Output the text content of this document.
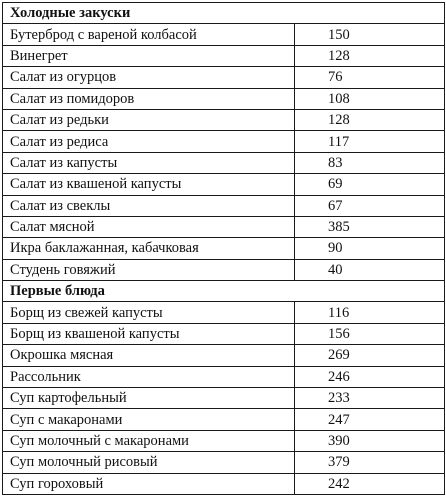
Холодные закуски	
Бутерброд с вареной колбасой	150
Винегрет	128
Салат из огурцов	76
Салат из помидоров	108
Салат из редьки	128
Салат из редиса	117
Салат из капусты	83
Салат из квашеной капусты	69
Салат из свеклы	67
Салат мясной	385
Икра баклажанная, кабачковая	90
Студень говяжий	40
Первые блюда	
Борщ из свежей капусты	116
Борщ из квашеной капусты	156
Окрошка мясная	269
Рассольник	246
Суп картофельный	233
Суп с макаронами	247
Суп молочный с макаронами	390
Суп молочный рисовый	379
Суп гороховый	242
